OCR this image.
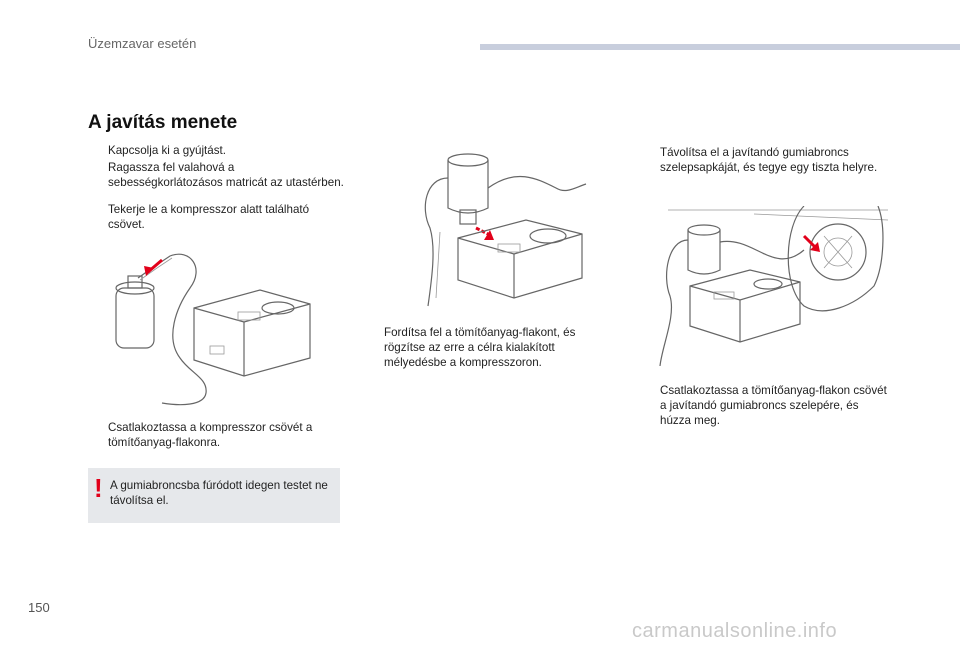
Üzemzavar esetén
A javítás menete
Kapcsolja ki a gyújtást.
Ragassza fel valahová a sebességkorlátozásos matricát az utastérben.
Tekerje le a kompresszor alatt található csövet.
Csatlakoztassa a kompresszor csövét a tömítőanyag-flakonra.
! A gumiabroncsba fúródott idegen testet ne távolítsa el.
Fordítsa fel a tömítőanyag-flakont, és rögzítse az erre a célra kialakított mélyedésbe a kompresszoron.
Távolítsa el a javítandó gumiabroncs szelepsapkáját, és tegye egy tiszta helyre.
Csatlakoztassa a tömítőanyag-flakon csövét a javítandó gumiabroncs szelepére, és húzza meg.
150
carmanualsonline.info
